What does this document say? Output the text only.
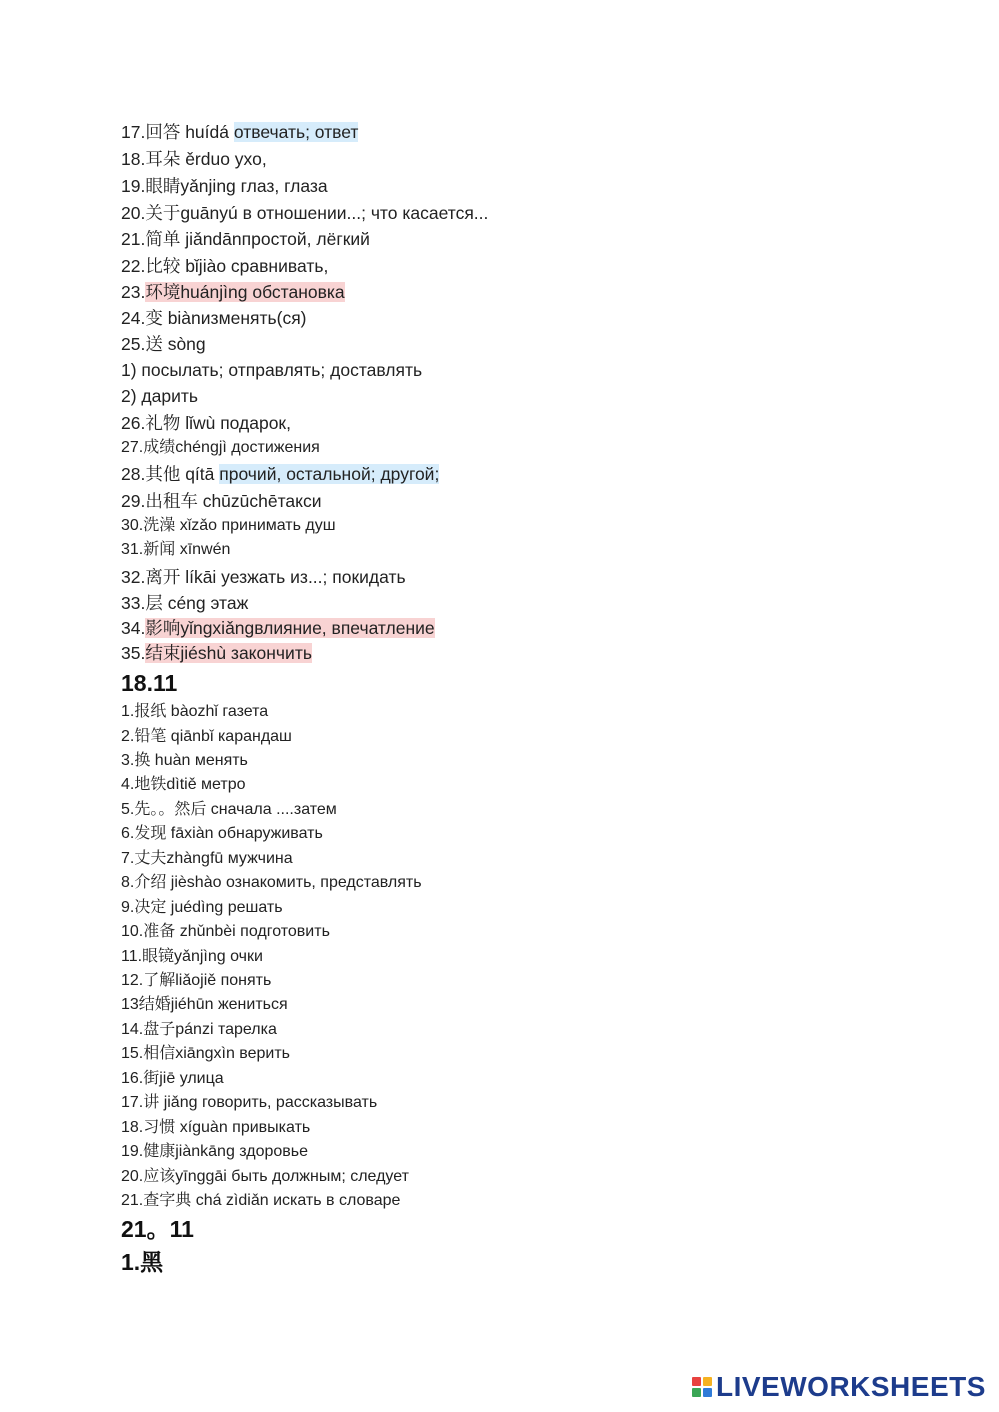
17.回答 huídá отвечать; ответ
18.耳朵 ěrduo ухо,
19.眼睛yǎnjing глаз, глаза
20.关于guānyú в отношении...; что касается...
21.简单 jiǎndānпростой, лёгкий
22.比较 bǐjiào сравнивать,
23.环境huánjìng обстановка
24.变 biànизменять(ся)
25.送 sòng
1) посылать; отправлять; доставлять
2) дарить
26.礼物 lǐwù подарок,
27.成绩chéngjì достижения
28.其他 qítā прочий, остальной; другой;
29.出租车 chūzūchēтакси
30.洗澡 xǐzǎo принимать душ
31.新闻 xīnwén
32.离开 líkāi уезжать из...; покидать
33.层 céng этаж
34.影响yǐngxiǎngвлияние, впечатление
35.结束jiéshù закончить
18.11
1.报纸 bàozhǐ газета
2.铅笔 qiānbǐ карандаш
3.换 huàn менять
4.地铁dìtiě метро
5.先。。然后 сначала ....затем
6.发现 fāxiàn обнаруживать
7.丈夫zhàngfū мужчина
8.介绍 jièshào ознакомить, представлять
9.决定 juédìng решать
10.准备 zhǔnbèi подготовить
11.眼镜yǎnjìng очки
12.了解liǎojiě понять
13结婚jiéhūn жениться
14.盘子pánzi тарелка
15.相信xiāngxìn верить
16.街jiē улица
17.讲 jiǎng говорить, рассказывать
18.习惯 xíguàn привыкать
19.健康jiànkāng здоровье
20.应该yīnggāi быть должным; следует
21.查字典 chá zìdiǎn искать в словаре
21。11
1.黑
LIVEWORKSHEETS
